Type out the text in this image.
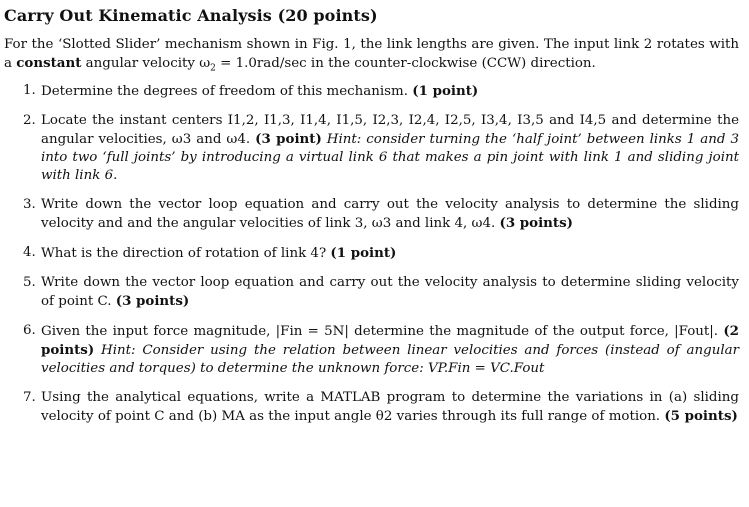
Carry Out Kinematic Analysis (20 points)

For the ‘Slotted Slider’ mechanism shown in Fig. 1, the link lengths are given. The input link 2 rotates with a constant angular velocity $\omega_2 = 1.0rad/\sec$ in the counter-clockwise (CCW) direction.

1. Determine the degrees of freedom of this mechanism. (1 point)
2. Locate the instant centers I1,2, I1,3, I1,4, I1,5, I2,3, I2,4, I2,5, I3,4, I3,5 and I4,5 and determine the angular velocities, ω3 and ω4. (3 point) Hint: consider turning the ‘half joint’ between links 1 and 3 into two ‘full joints’ by introducing a virtual link 6 that makes a pin joint with link 1 and sliding joint with link 6.
3. Write down the vector loop equation and carry out the velocity analysis to determine the sliding velocity and and the angular velocities of link 3, ω3 and link 4, ω4. (3 points)
4. What is the direction of rotation of link 4? (1 point)
5. Write down the vector loop equation and carry out the velocity analysis to determine sliding velocity of point C. (3 points)
6. Given the input force magnitude, |Fin = 5N| determine the magnitude of the output force, |Fout|. (2 points) Hint: Consider using the relation between linear velocities and forces (instead of angular velocities and torques) to determine the unknown force: VP.Fin = VC.Fout
7. Using the analytical equations, write a MATLAB program to determine the variations in (a) sliding velocity of point C and (b) MA as the input angle θ2 varies through its full range of motion. (5 points)
